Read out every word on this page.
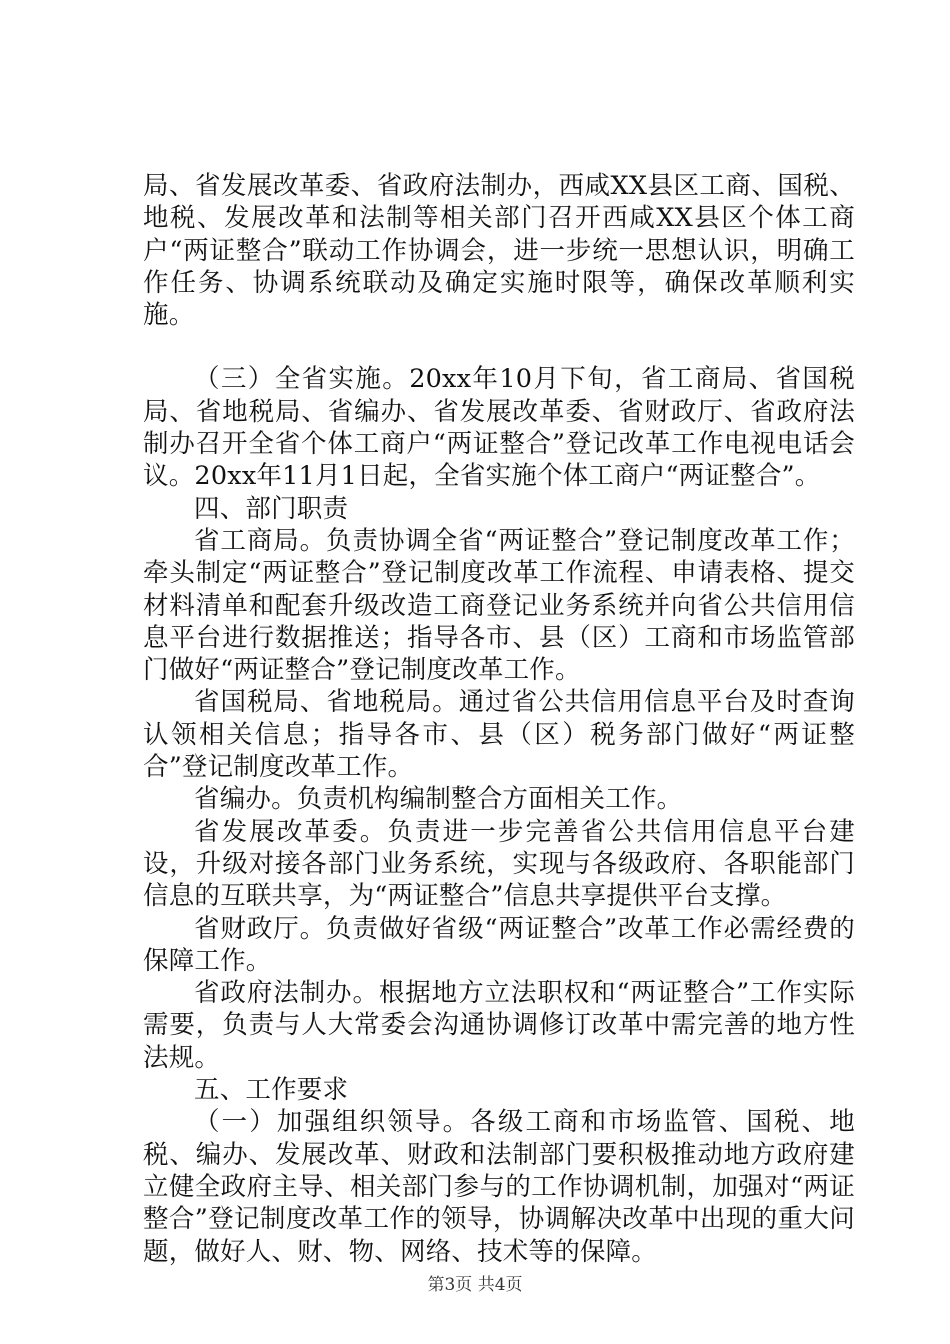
局、省发展改革委、省政府法制办，西咸XX县区工商、国税、地税、发展改革和法制等相关部门召开西咸XX县区个体工商户“两证整合”联动工作协调会，进一步统一思想认识，明确工作任务、协调系统联动及确定实施时限等，确保改革顺利实施。

（三）全省实施。20xx年10月下旬，省工商局、省国税局、省地税局、省编办、省发展改革委、省财政厅、省政府法制办召开全省个体工商户“两证整合”登记改革工作电视电话会议。20xx年11月1日起，全省实施个体工商户“两证整合”。

四、部门职责

省工商局。负责协调全省“两证整合”登记制度改革工作；牵头制定“两证整合”登记制度改革工作流程、申请表格、提交材料清单和配套升级改造工商登记业务系统并向省公共信用信息平台进行数据推送；指导各市、县（区）工商和市场监管部门做好“两证整合”登记制度改革工作。

省国税局、省地税局。通过省公共信用信息平台及时查询认领相关信息；指导各市、县（区）税务部门做好“两证整合”登记制度改革工作。

省编办。负责机构编制整合方面相关工作。

省发展改革委。负责进一步完善省公共信用信息平台建设，升级对接各部门业务系统，实现与各级政府、各职能部门信息的互联共享，为“两证整合”信息共享提供平台支撑。

省财政厅。负责做好省级“两证整合”改革工作必需经费的保障工作。

省政府法制办。根据地方立法职权和“两证整合”工作实际需要，负责与人大常委会沟通协调修订改革中需完善的地方性法规。

五、工作要求

（一）加强组织领导。各级工商和市场监管、国税、地税、编办、发展改革、财政和法制部门要积极推动地方政府建立健全政府主导、相关部门参与的工作协调机制，加强对“两证整合”登记制度改革工作的领导，协调解决改革中出现的重大问题，做好人、财、物、网络、技术等的保障。

第3页 共4页
